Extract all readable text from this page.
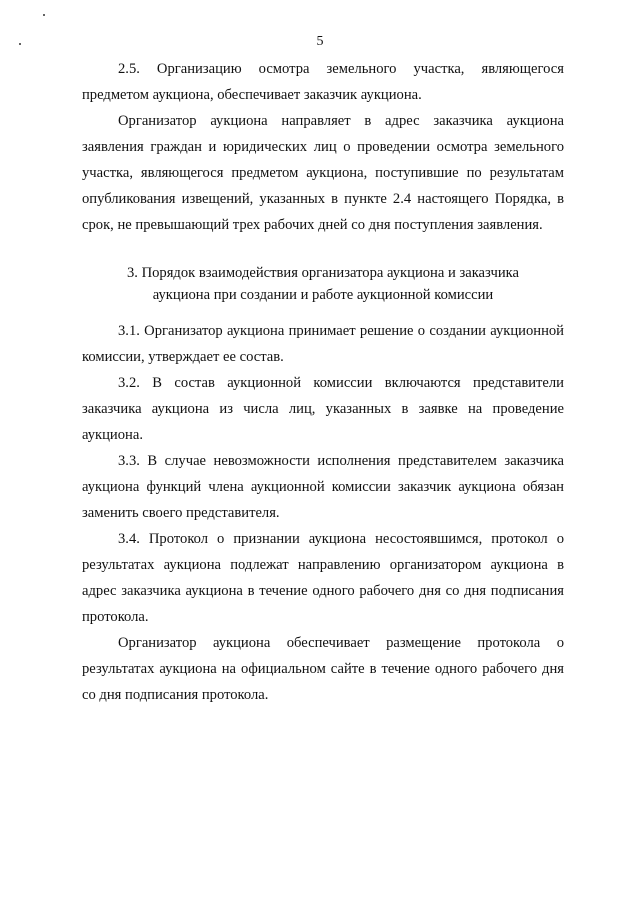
5

2.5. Организацию осмотра земельного участка, являющегося предметом аукциона, обеспечивает заказчик аукциона.

Организатор аукциона направляет в адрес заказчика аукциона заявления граждан и юридических лиц о проведении осмотра земельного участка, являющегося предметом аукциона, поступившие по результатам опубликования извещений, указанных в пункте 2.4 настоящего Порядка, в срок, не превышающий трех рабочих дней со дня поступления заявления.

3. Порядок взаимодействия организатора аукциона и заказчика
аукциона при создании и работе аукционной комиссии

3.1. Организатор аукциона принимает решение о создании аукционной комиссии, утверждает ее состав.

3.2. В состав аукционной комиссии включаются представители заказчика аукциона из числа лиц, указанных в заявке на проведение аукциона.

3.3. В случае невозможности исполнения представителем заказчика аукциона функций члена аукционной комиссии заказчик аукциона обязан заменить своего представителя.

3.4. Протокол о признании аукциона несостоявшимся, протокол о результатах аукциона подлежат направлению организатором аукциона в адрес заказчика аукциона в течение одного рабочего дня со дня подписания протокола.

Организатор аукциона обеспечивает размещение протокола о результатах аукциона на официальном сайте в течение одного рабочего дня со дня подписания протокола.
